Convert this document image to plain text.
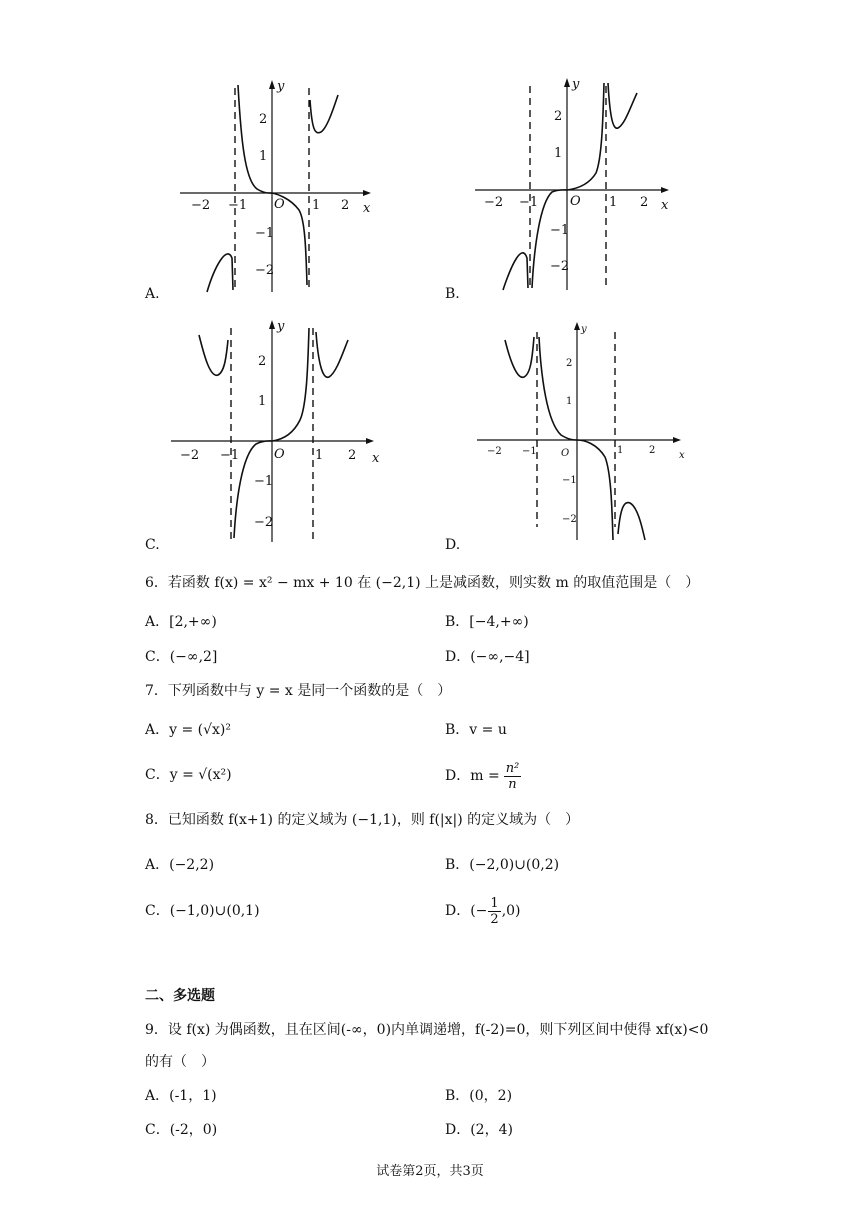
−2 −1 O 1 2 x
y
2
1
−1
−2
A.
−2 −1 O 1 2 x
y
2
1
−1
−2
B.
−2 −1	O 1 2 x
y
2
1
−1
−2
C.
−2 −1 O	1	2 x
y
2
1
−1
−2
D.
6．若函数 f(x) = x² − mx + 10 在 (−2,1) 上是减函数，则实数 m 的取值范围是（　）
A．[2,+∞)	B．[−4,+∞)
C．(−∞,2]	D．(−∞,−4]
7．下列函数中与 y = x 是同一个函数的是（　）
A．y = (√x)²	B．v = u
C．y = √(x²)	D．$m = \frac{\text{n²}}{n}$
8．已知函数 f(x+1) 的定义域为 (−1,1)，则 f(|x|) 的定义域为（　）
A．(−2,2)	B．(−2,0)∪(0,2)
C．(−1,0)∪(0,1)	D．(− $\frac{1}{2} ,0$)
二、多选题
9．设 f(x) 为偶函数，且在区间(-∞，0)内单调递增，f(-2)=0，则下列区间中使得 xf(x)<0
的有（　）
A．(-1，1)	B．(0，2)
C．(-2，0)	D．(2，4)
试卷第2页，共3页
